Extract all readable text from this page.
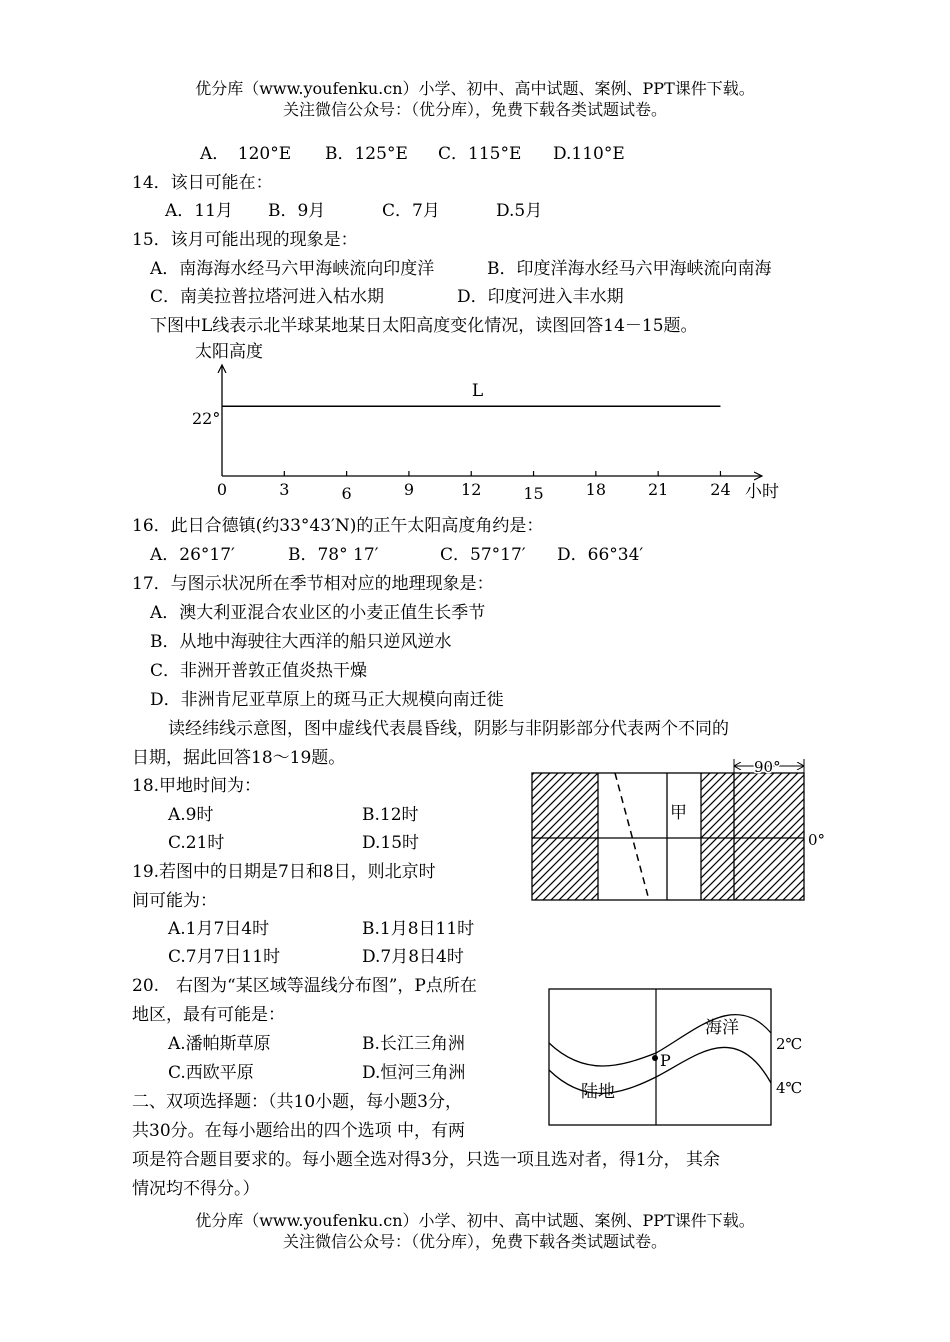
优分库（www.youfenku.cn）小学、初中、高中试题、案例、PPT课件下载。
关注微信公众号：（优分库），免费下载各类试题试卷。
A．　120°E B．125°E C．115°E D.110°E
14．该日可能在：
A．11月 B．9月	C．7月	D.5月
15．该月可能出现的现象是：
A．南海海水经马六甲海峡流向印度洋	B．印度洋海水经马六甲海峡流向南海
C．南美拉普拉塔河进入枯水期	D．印度河进入丰水期
下图中L线表示北半球某地某日太阳高度变化情况，读图回答14－15题。
太阳高度
小时
22°
0	3	6	9	12	15	18	21	24
L
16．此日合德镇(约33°43′N)的正午太阳高度角约是：
A．26°17′	B．78° 17′	C．57°17′ D．66°34′
17．与图示状况所在季节相对应的地理现象是：
A．澳大利亚混合农业区的小麦正值生长季节
B．从地中海驶往大西洋的船只逆风逆水
C．非洲开普敦正值炎热干燥
D．非洲肯尼亚草原上的斑马正大规模向南迁徙
读经纬线示意图，图中虚线代表晨昏线，阴影与非阴影部分代表两个不同的
日期，据此回答18～19题。
18.甲地时间为：
A.9时	B.12时
C.21时	D.15时
90°
甲
0°
19.若图中的日期是7日和8日，则北京时
间可能为：
A.1月7日4时	B.1月8日11时
C.7月7日11时	D.7月8日4时
20.　右图为“某区域等温线分布图”，P点所在
地区，最有可能是：
A.潘帕斯草原	B.长江三角洲
C.西欧平原	D.恒河三角洲
P
海洋
陆地
2℃
4℃
二、双项选择题：（共10小题，每小题3分，
共30分。在每小题给出的四个选项 中，有两
项是符合题目要求的。每小题全选对得3分，只选一项且选对者，得1分， 其余
情况均不得分。）
优分库（www.youfenku.cn）小学、初中、高中试题、案例、PPT课件下载。
关注微信公众号：（优分库），免费下载各类试题试卷。
